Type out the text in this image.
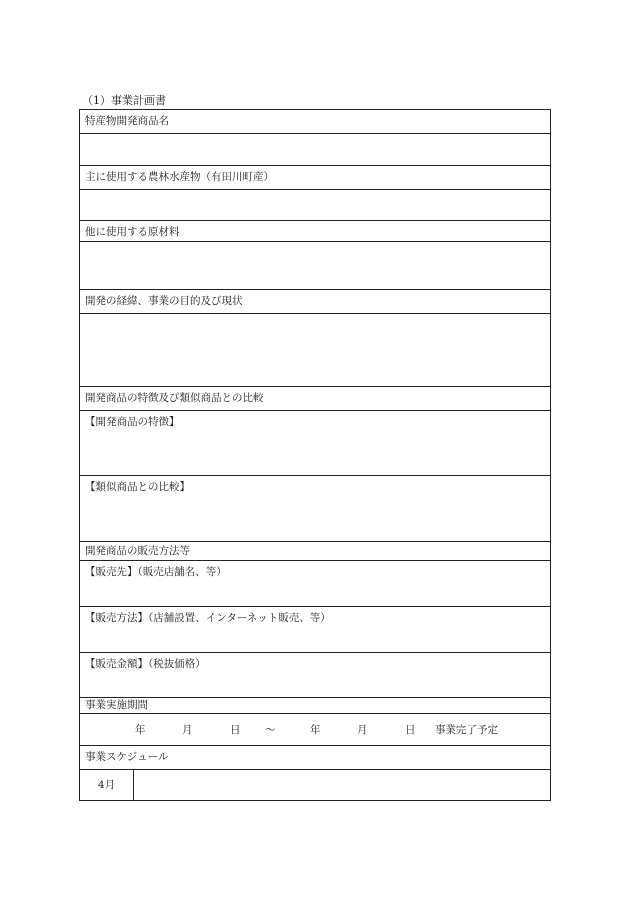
（1）事業計画書
特産物開発商品名
主に使用する農林水産物（有田川町産）
他に使用する原材料
開発の経緯、事業の目的及び現状
開発商品の特徴及び類似商品との比較
【開発商品の特徴】
【類似商品との比較】
開発商品の販売方法等
【販売先】（販売店舗名、等）
【販売方法】（店舗設置、インターネット販売、等）
【販売金額】（税抜価格）
事業実施期間
年	月	日	～	年	月	日	事業完了予定
事業スケジュール
4月
